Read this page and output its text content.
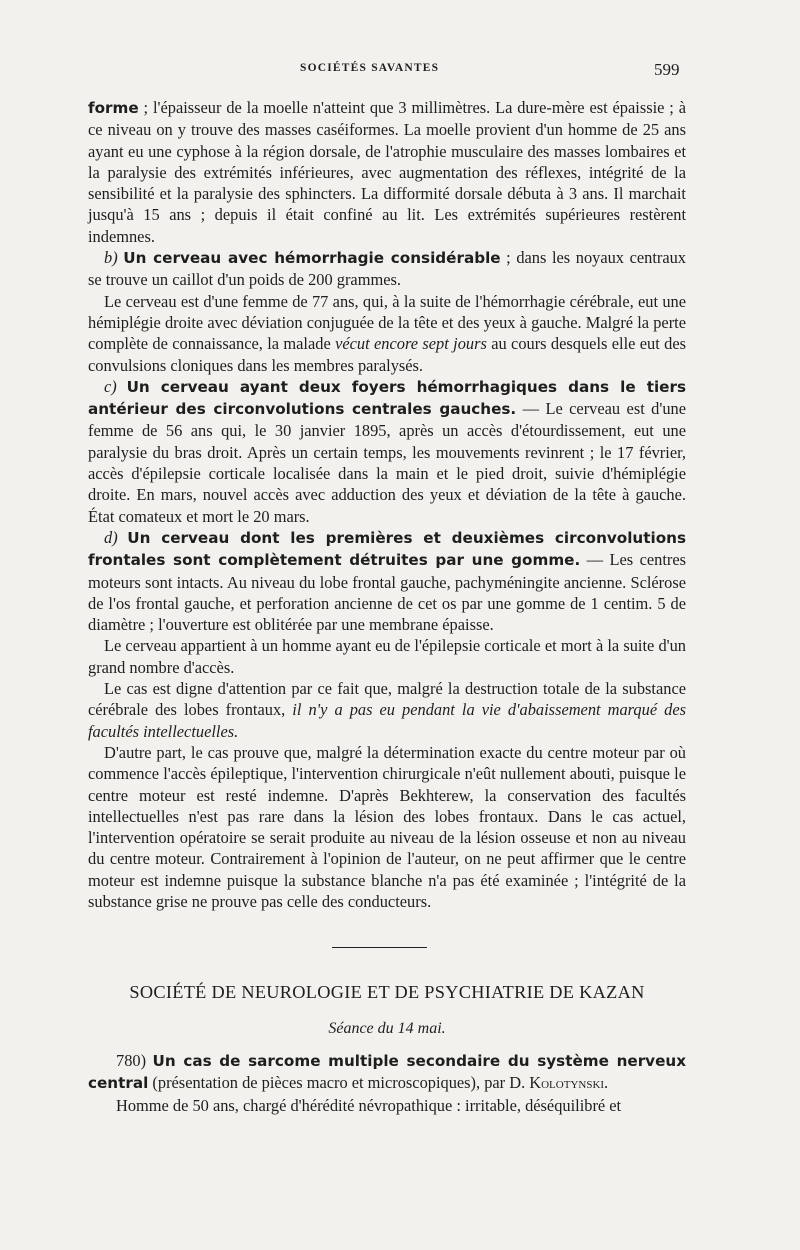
SOCIÉTÉS SAVANTES	599

forme ; l'épaisseur de la moelle n'atteint que 3 millimètres. La dure-mère est épaissie ; à ce niveau on y trouve des masses caséiformes. La moelle provient d'un homme de 25 ans ayant eu une cyphose à la région dorsale, de l'atrophie musculaire des masses lombaires et la paralysie des extrémités inférieures, avec augmentation des réflexes, intégrité de la sensibilité et la paralysie des sphincters. La difformité dorsale débuta à 3 ans. Il marchait jusqu'à 15 ans ; depuis il était confiné au lit. Les extrémités supérieures restèrent indemnes.

b) Un cerveau avec hémorrhagie considérable ; dans les noyaux centraux se trouve un caillot d'un poids de 200 grammes.

Le cerveau est d'une femme de 77 ans, qui, à la suite de l'hémorrhagie cérébrale, eut une hémiplégie droite avec déviation conjuguée de la tête et des yeux à gauche. Malgré la perte complète de connaissance, la malade vécut encore sept jours au cours desquels elle eut des convulsions cloniques dans les membres paralysés.

c) Un cerveau ayant deux foyers hémorrhagiques dans le tiers antérieur des circonvolutions centrales gauches. — Le cerveau est d'une femme de 56 ans qui, le 30 janvier 1895, après un accès d'étourdissement, eut une paralysie du bras droit. Après un certain temps, les mouvements revinrent ; le 17 février, accès d'épilepsie corticale localisée dans la main et le pied droit, suivie d'hémiplégie droite. En mars, nouvel accès avec adduction des yeux et déviation de la tête à gauche. État comateux et mort le 20 mars.

d) Un cerveau dont les premières et deuxièmes circonvolutions frontales sont complètement détruites par une gomme. — Les centres moteurs sont intacts. Au niveau du lobe frontal gauche, pachyméningite ancienne. Sclérose de l'os frontal gauche, et perforation ancienne de cet os par une gomme de 1 centim. 5 de diamètre ; l'ouverture est oblitérée par une membrane épaisse.

Le cerveau appartient à un homme ayant eu de l'épilepsie corticale et mort à la suite d'un grand nombre d'accès.

Le cas est digne d'attention par ce fait que, malgré la destruction totale de la substance cérébrale des lobes frontaux, il n'y a pas eu pendant la vie d'abaissement marqué des facultés intellectuelles.

D'autre part, le cas prouve que, malgré la détermination exacte du centre moteur par où commence l'accès épileptique, l'intervention chirurgicale n'eût nullement abouti, puisque le centre moteur est resté indemne. D'après Bekhterew, la conservation des facultés intellectuelles n'est pas rare dans la lésion des lobes frontaux. Dans le cas actuel, l'intervention opératoire se serait produite au niveau de la lésion osseuse et non au niveau du centre moteur. Contrairement à l'opinion de l'auteur, on ne peut affirmer que le centre moteur est indemne puisque la substance blanche n'a pas été examinée ; l'intégrité de la substance grise ne prouve pas celle des conducteurs.

SOCIÉTÉ DE NEUROLOGIE ET DE PSYCHIATRIE DE KAZAN
Séance du 14 mai.

780) Un cas de sarcome multiple secondaire du système nerveux central (présentation de pièces macro et microscopiques), par D. Kolotynski.

Homme de 50 ans, chargé d'hérédité névropathique : irritable, déséquilibré et
